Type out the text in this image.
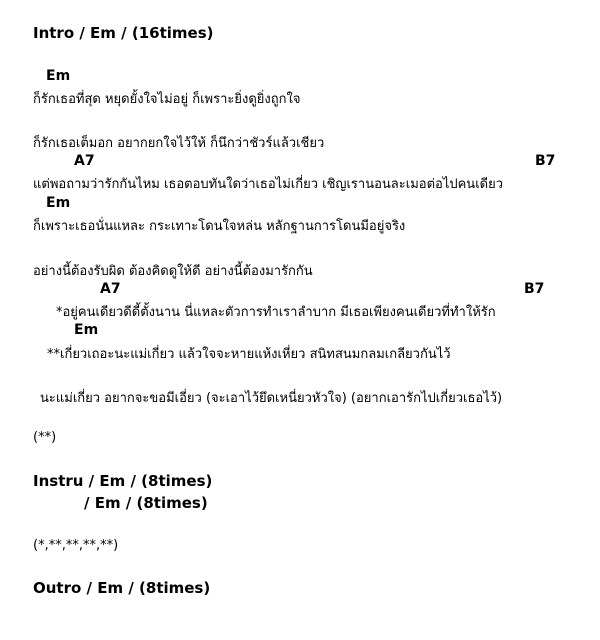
Intro / Em / (16times)
Em
ก็รักเธอที่สุด หยุดยั้งใจไม่อยู่ ก็เพราะยิ่งดูยิ่งถูกใจ
ก็รักเธอเต็มอก อยากยกใจไว้ให้ ก็นึกว่าชัวร์แล้วเชียว
A7	B7
แต่พอถามว่ารักกันไหม เธอตอบทันใดว่าเธอไม่เกี่ยว เชิญเรานอนละเมอต่อไปคนเดียว
Em
ก็เพราะเธอนั่นแหละ กระเทาะโดนใจหล่น หลักฐานการโดนมีอยู่จริง
อย่างนี้ต้องรับผิด ต้องคิดดูให้ดี อย่างนี้ต้องมารักกัน
A7	B7
*อยู่คนเดียวดีดี้ตั้งนาน นี่แหละตัวการทำเราลำบาก มีเธอเพียงคนเดียวที่ทำให้รัก
Em
**เกี่ยวเถอะนะแม่เกี่ยว แล้วใจจะหายแห้งเหี่ยว สนิทสนมกลมเกลียวกันไว้
นะแม่เกี่ยว อยากจะขอมีเอี่ยว (จะเอาไว้ยึดเหนี่ยวหัวใจ) (อยากเอารักไปเกี่ยวเธอไว้)
(**)
Instru / Em / (8times)
/ Em / (8times)
(*,**,**,**,**)
Outro / Em / (8times)
